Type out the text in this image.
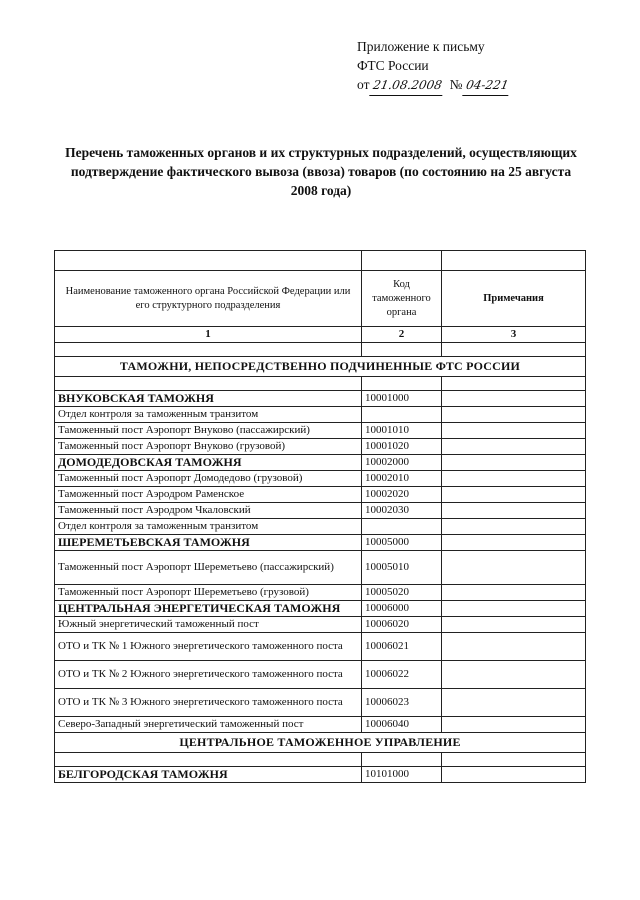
Приложение к письму
ФТС России
от 21.08.2008 № 04-221
Перечень таможенных органов и их структурных подразделений, осуществляющих подтверждение фактического вывоза (ввоза) товаров (по состоянию на 25 августа 2008 года)

Наименование таможенного органа Российской Федерации или его структурного подразделения	Код таможенного органа	Примечания
1	2	3

ТАМОЖНИ, НЕПОСРЕДСТВЕННО ПОДЧИНЕННЫЕ ФТС РОССИИ		

ВНУКОВСКАЯ ТАМОЖНЯ	10001000	
Отдел контроля за таможенным транзитом		
Таможенный пост Аэропорт Внуково (пассажирский)	10001010	
Таможенный пост Аэропорт Внуково (грузовой)	10001020	
ДОМОДЕДОВСКАЯ ТАМОЖНЯ	10002000	
Таможенный пост Аэропорт Домодедово (грузовой)	10002010	
Таможенный пост Аэродром Раменское	10002020	
Таможенный пост Аэродром Чкаловский	10002030	
Отдел контроля за таможенным транзитом		
ШЕРЕМЕТЬЕВСКАЯ ТАМОЖНЯ	10005000	
Таможенный пост Аэропорт Шереметьево (пассажирский)	10005010	
Таможенный пост Аэропорт Шереметьево (грузовой)	10005020	
ЦЕНТРАЛЬНАЯ ЭНЕРГЕТИЧЕСКАЯ ТАМОЖНЯ	10006000	
Южный энергетический таможенный пост	10006020	
ОТО и ТК № 1 Южного энергетического таможенного поста	10006021	
ОТО и ТК № 2 Южного энергетического таможенного поста	10006022	
ОТО и ТК № 3 Южного энергетического таможенного поста	10006023	
Северо-Западный энергетический таможенный пост	10006040	
ЦЕНТРАЛЬНОЕ ТАМОЖЕННОЕ УПРАВЛЕНИЕ		

БЕЛГОРОДСКАЯ ТАМОЖНЯ	10101000	
